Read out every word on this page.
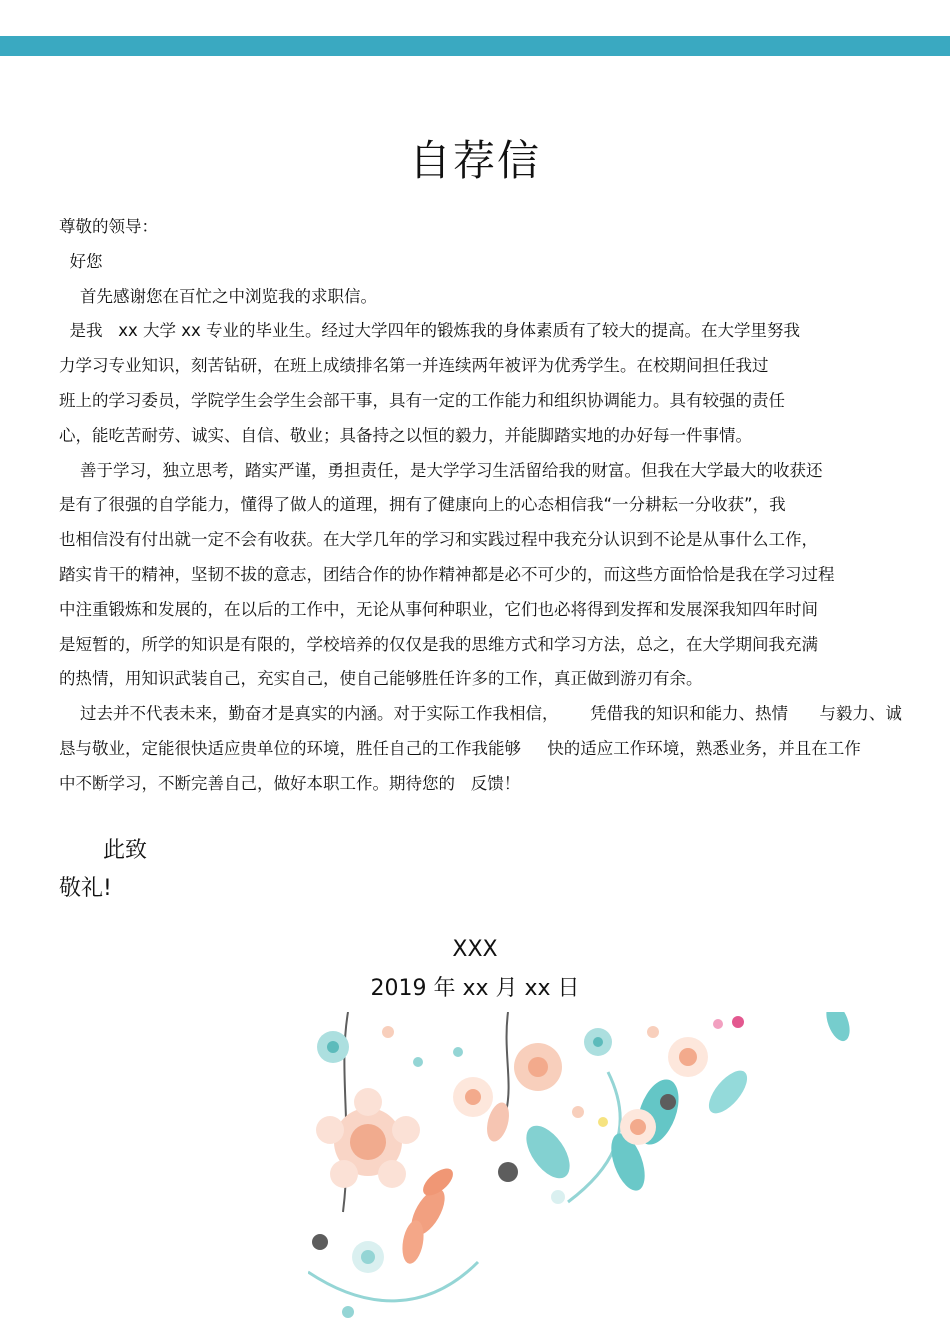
自荐信
尊敬的领导：
好您
首先感谢您在百忙之中浏览我的求职信。
是我   xx 大学 xx 专业的毕业生。经过大学四年的锻炼我的身体素质有了较大的提高。在大学里努我
力学习专业知识，刻苦钻研，在班上成绩排名第一并连续两年被评为优秀学生。在校期间担任我过
班上的学习委员，学院学生会学生会部干事，具有一定的工作能力和组织协调能力。具有较强的责任
心，能吃苦耐劳、诚实、自信、敬业；具备持之以恒的毅力，并能脚踏实地的办好每一件事情。
善于学习，独立思考，踏实严谨，勇担责任，是大学学习生活留给我的财富。但我在大学最大的收获还
是有了很强的自学能力，懂得了做人的道理，拥有了健康向上的心态相信我“一分耕耘一分收获”，我
也相信没有付出就一定不会有收获。在大学几年的学习和实践过程中我充分认识到不论是从事什么工作，
踏实肯干的精神，坚韧不拔的意志，团结合作的协作精神都是必不可少的，而这些方面恰恰是我在学习过程
中注重锻炼和发展的，在以后的工作中，无论从事何种职业，它们也必将得到发挥和发展深我知四年时间
是短暂的，所学的知识是有限的，学校培养的仅仅是我的思维方式和学习方法，总之，在大学期间我充满
的热情，用知识武装自己，充实自己，使自己能够胜任许多的工作，真正做到游刃有余。
过去并不代表未来，勤奋才是真实的内涵。对于实际工作我相信，      凭借我的知识和能力、热情      与毅力、诚
恳与敬业，定能很快适应贵单位的环境，胜任自己的工作我能够     快的适应工作环境，熟悉业务，并且在工作
中不断学习，不断完善自己，做好本职工作。期待您的   反馈！
此致
敬礼!
XXX
2019 年 xx 月 xx 日
